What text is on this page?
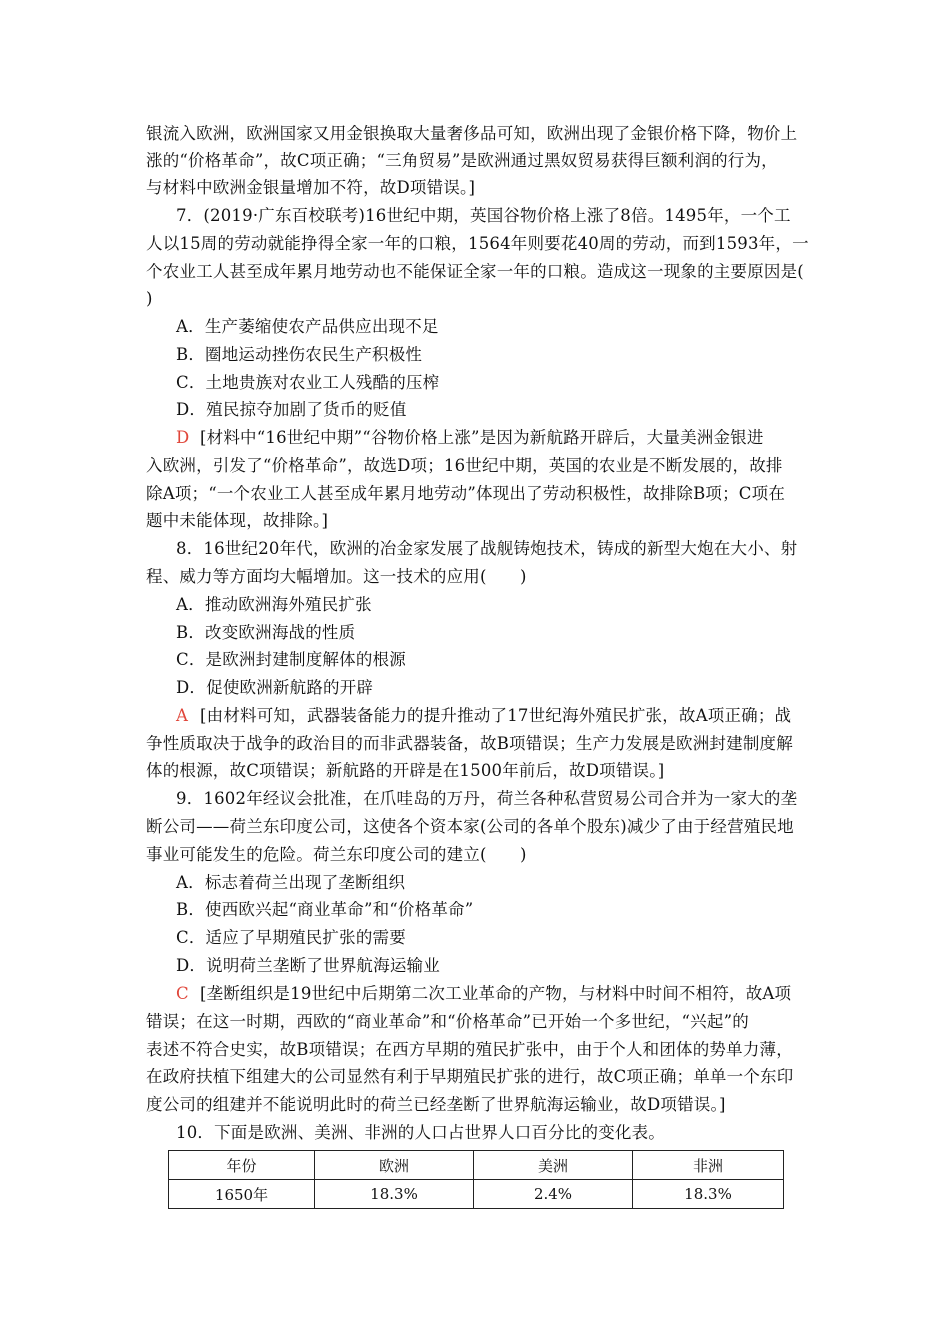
银流入欧洲，欧洲国家又用金银换取大量奢侈品可知，欧洲出现了金银价格下降，物价上
涨的“价格革命”，故C项正确；“三角贸易”是欧洲通过黑奴贸易获得巨额利润的行为，
与材料中欧洲金银量增加不符，故D项错误。]
7．(2019·广东百校联考)16世纪中期，英国谷物价格上涨了8倍。1495年，一个工
人以15周的劳动就能挣得全家一年的口粮，1564年则要花40周的劳动，而到1593年，一
个农业工人甚至成年累月地劳动也不能保证全家一年的口粮。造成这一现象的主要原因是(
)
A．生产萎缩使农产品供应出现不足
B．圈地运动挫伤农民生产积极性
C．土地贵族对农业工人残酷的压榨
D．殖民掠夺加剧了货币的贬值
D [材料中“16世纪中期”“谷物价格上涨”是因为新航路开辟后，大量美洲金银进
入欧洲，引发了“价格革命”，故选D项；16世纪中期，英国的农业是不断发展的，故排
除A项；“一个农业工人甚至成年累月地劳动”体现出了劳动积极性，故排除B项；C项在
题中未能体现，故排除。]
8．16世纪20年代，欧洲的冶金家发展了战舰铸炮技术，铸成的新型大炮在大小、射
程、威力等方面均大幅增加。这一技术的应用(　　)
A．推动欧洲海外殖民扩张
B．改变欧洲海战的性质
C．是欧洲封建制度解体的根源
D．促使欧洲新航路的开辟
A [由材料可知，武器装备能力的提升推动了17世纪海外殖民扩张，故A项正确；战
争性质取决于战争的政治目的而非武器装备，故B项错误；生产力发展是欧洲封建制度解
体的根源，故C项错误；新航路的开辟是在1500年前后，故D项错误。]
9．1602年经议会批准，在爪哇岛的万丹，荷兰各种私营贸易公司合并为一家大的垄
断公司——荷兰东印度公司，这使各个资本家(公司的各单个股东)减少了由于经营殖民地
事业可能发生的危险。荷兰东印度公司的建立(　　)
A．标志着荷兰出现了垄断组织
B．使西欧兴起“商业革命”和“价格革命”
C．适应了早期殖民扩张的需要
D．说明荷兰垄断了世界航海运输业
C [垄断组织是19世纪中后期第二次工业革命的产物，与材料中时间不相符，故A项
错误；在这一时期，西欧的“商业革命”和“价格革命”已开始一个多世纪，“兴起”的
表述不符合史实，故B项错误；在西方早期的殖民扩张中，由于个人和团体的势单力薄，
在政府扶植下组建大的公司显然有利于早期殖民扩张的进行，故C项正确；单单一个东印
度公司的组建并不能说明此时的荷兰已经垄断了世界航海运输业，故D项错误。]
10．下面是欧洲、美洲、非洲的人口占世界人口百分比的变化表。
年份	欧洲	美洲	非洲
1650年	18.3%	2.4%	18.3%
